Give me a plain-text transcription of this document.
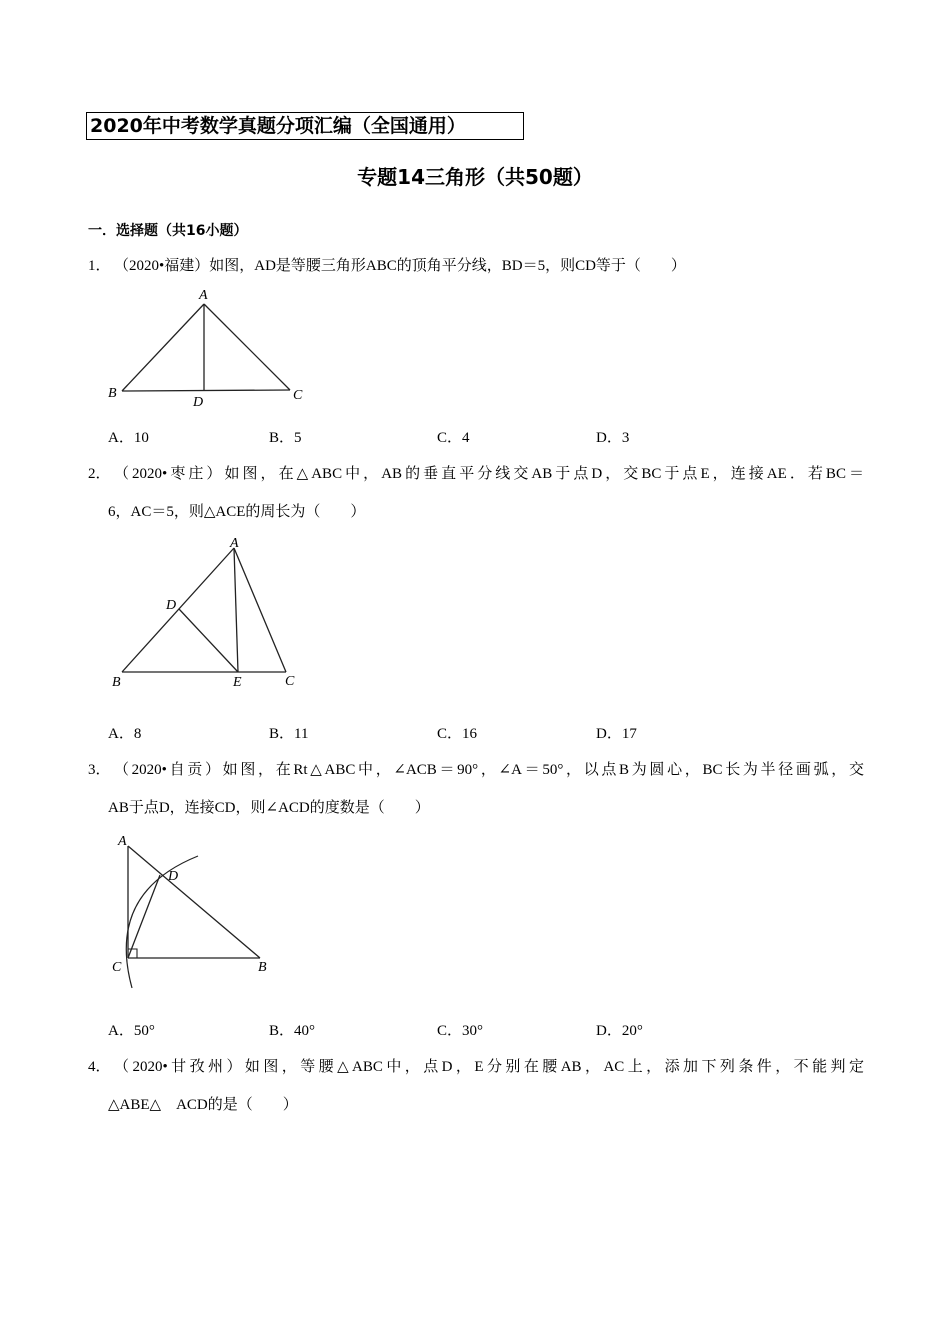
2020年中考数学真题分项汇编（全国通用）
专题14三角形（共50题）
一．选择题（共16小题）
1． （2020•福建）如图，AD是等腰三角形ABC的顶角平分线，BD＝5，则CD等于（　　）
A
B	C
D
A．10	B．5	C．4	D．3
2． （2020•枣庄）如图，在△ABC中，AB的垂直平分线交AB于点D，交BC于点E，连接AE．若BC＝
6，AC＝5，则△ACE的周长为（　　）
A
B	C
D
E
A．8	B．11	C．16	D．17
3． （2020•自贡）如图，在Rt△ABC中，∠ACB＝90°，∠A＝50°，以点B为圆心，BC长为半径画弧，交
AB于点D，连接CD，则∠ACD的度数是（　　）
A
B
C
D
A．50°	B．40°	C．30°	D．20°
4． （2020•甘孜州）如图，等腰△ABC中，点D，E分别在腰AB，AC上，添加下列条件，不能判定
△ABE△　ACD的是（　　）
